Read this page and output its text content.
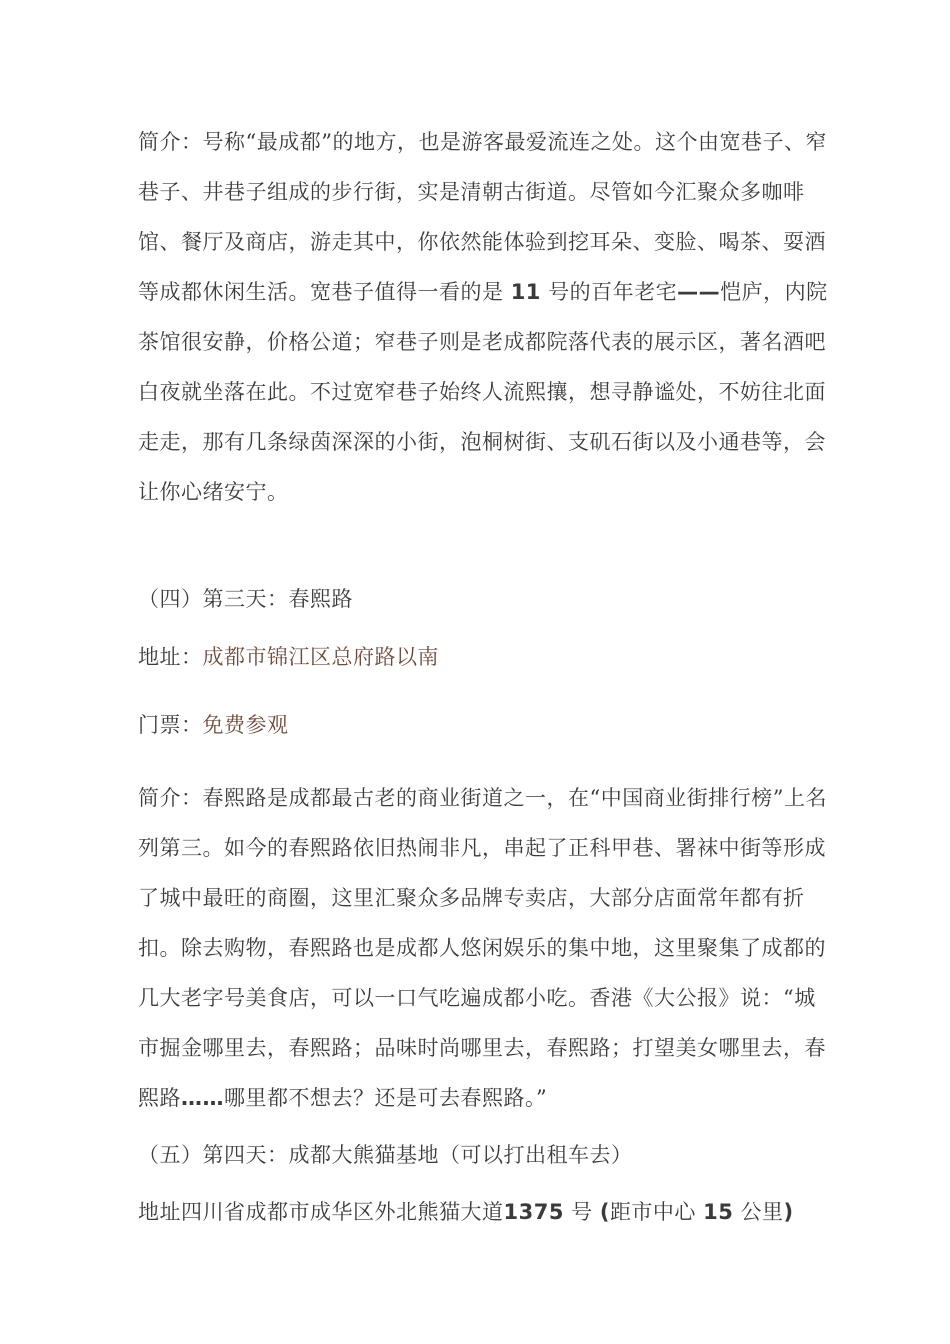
简介：号称“最成都”的地方，也是游客最爱流连之处。这个由宽巷子、窄巷子、井巷子组成的步行街，实是清朝古街道。尽管如今汇聚众多咖啡馆、餐厅及商店，游走其中，你依然能体验到挖耳朵、变脸、喝茶、耍酒等成都休闲生活。宽巷子值得一看的是 11 号的百年老宅——恺庐，内院茶馆很安静，价格公道；窄巷子则是老成都院落代表的展示区，著名酒吧白夜就坐落在此。不过宽窄巷子始终人流熙攘，想寻静谧处，不妨往北面走走，那有几条绿茵深深的小街，泡桐树街、支矶石街以及小通巷等，会让你心绪安宁。

（四）第三天：春熙路

地址：成都市锦江区总府路以南

门票：免费参观

简介：春熙路是成都最古老的商业街道之一，在“中国商业街排行榜”上名列第三。如今的春熙路依旧热闹非凡，串起了正科甲巷、署袜中街等形成了城中最旺的商圈，这里汇聚众多品牌专卖店，大部分店面常年都有折扣。除去购物，春熙路也是成都人悠闲娱乐的集中地，这里聚集了成都的几大老字号美食店，可以一口气吃遍成都小吃。香港《大公报》说：“城市掘金哪里去，春熙路；品味时尚哪里去，春熙路；打望美女哪里去，春熙路……哪里都不想去？还是可去春熙路。”

（五）第四天：成都大熊猫基地（可以打出租车去）

地址四川省成都市成华区外北熊猫大道1375 号 (距市中心 15 公里)
